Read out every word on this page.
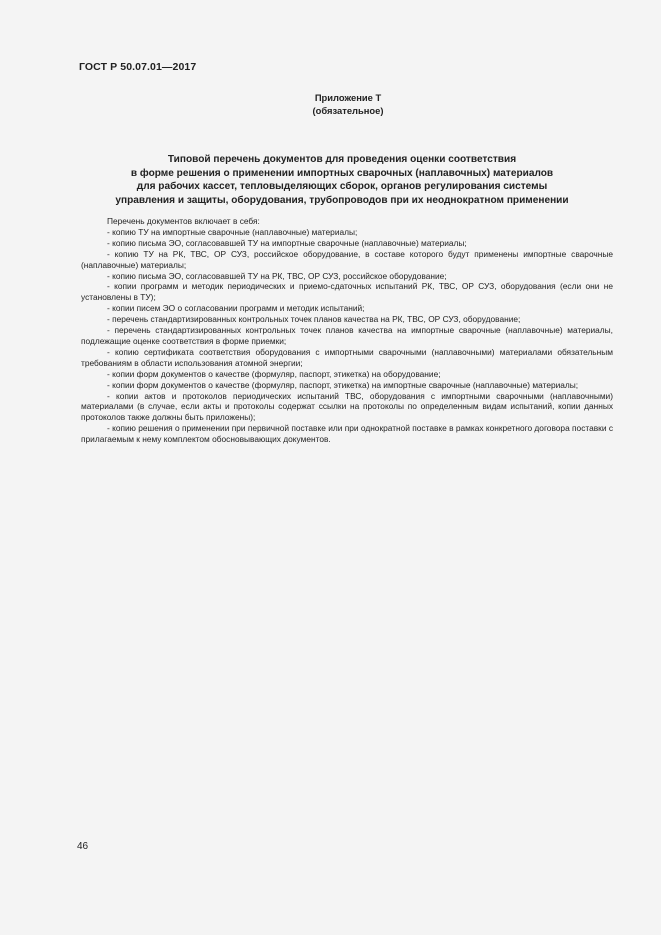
ГОСТ Р 50.07.01—2017
Приложение Т
(обязательное)
Типовой перечень документов для проведения оценки соответствия
в форме решения о применении импортных сварочных (наплавочных) материалов
для рабочих кассет, тепловыделяющих сборок, органов регулирования системы
управления и защиты, оборудования, трубопроводов при их неоднократном применении

Перечень документов включает в себя:

- копию ТУ на импортные сварочные (наплавочные) материалы;

- копию письма ЭО, согласовавшей ТУ на импортные сварочные (наплавочные) материалы;

- копию ТУ на РК, ТВС, ОР СУЗ, российское оборудование, в составе которого будут применены импортные сварочные (наплавочные) материалы;

- копию письма ЭО, согласовавшей ТУ на РК, ТВС, ОР СУЗ, российское оборудование;

- копии программ и методик периодических и приемо-сдаточных испытаний РК, ТВС, ОР СУЗ, оборудования (если они не установлены в ТУ);

- копии писем ЭО о согласовании программ и методик испытаний;

- перечень стандартизированных контрольных точек планов качества на РК, ТВС, ОР СУЗ, оборудование;

- перечень стандартизированных контрольных точек планов качества на импортные сварочные (наплавочные) материалы, подлежащие оценке соответствия в форме приемки;

- копию сертификата соответствия оборудования с импортными сварочными (наплавочными) материалами обязательным требованиям в области использования атомной энергии;

- копии форм документов о качестве (формуляр, паспорт, этикетка) на оборудование;

- копии форм документов о качестве (формуляр, паспорт, этикетка) на импортные сварочные (наплавочные) материалы;

- копии актов и протоколов периодических испытаний ТВС, оборудования с импортными сварочными (наплавочными) материалами (в случае, если акты и протоколы содержат ссылки на протоколы по определенным видам испытаний, копии данных протоколов также должны быть приложены);

- копию решения о применении при первичной поставке или при однократной поставке в рамках конкретного договора поставки с прилагаемым к нему комплектом обосновывающих документов.

46
